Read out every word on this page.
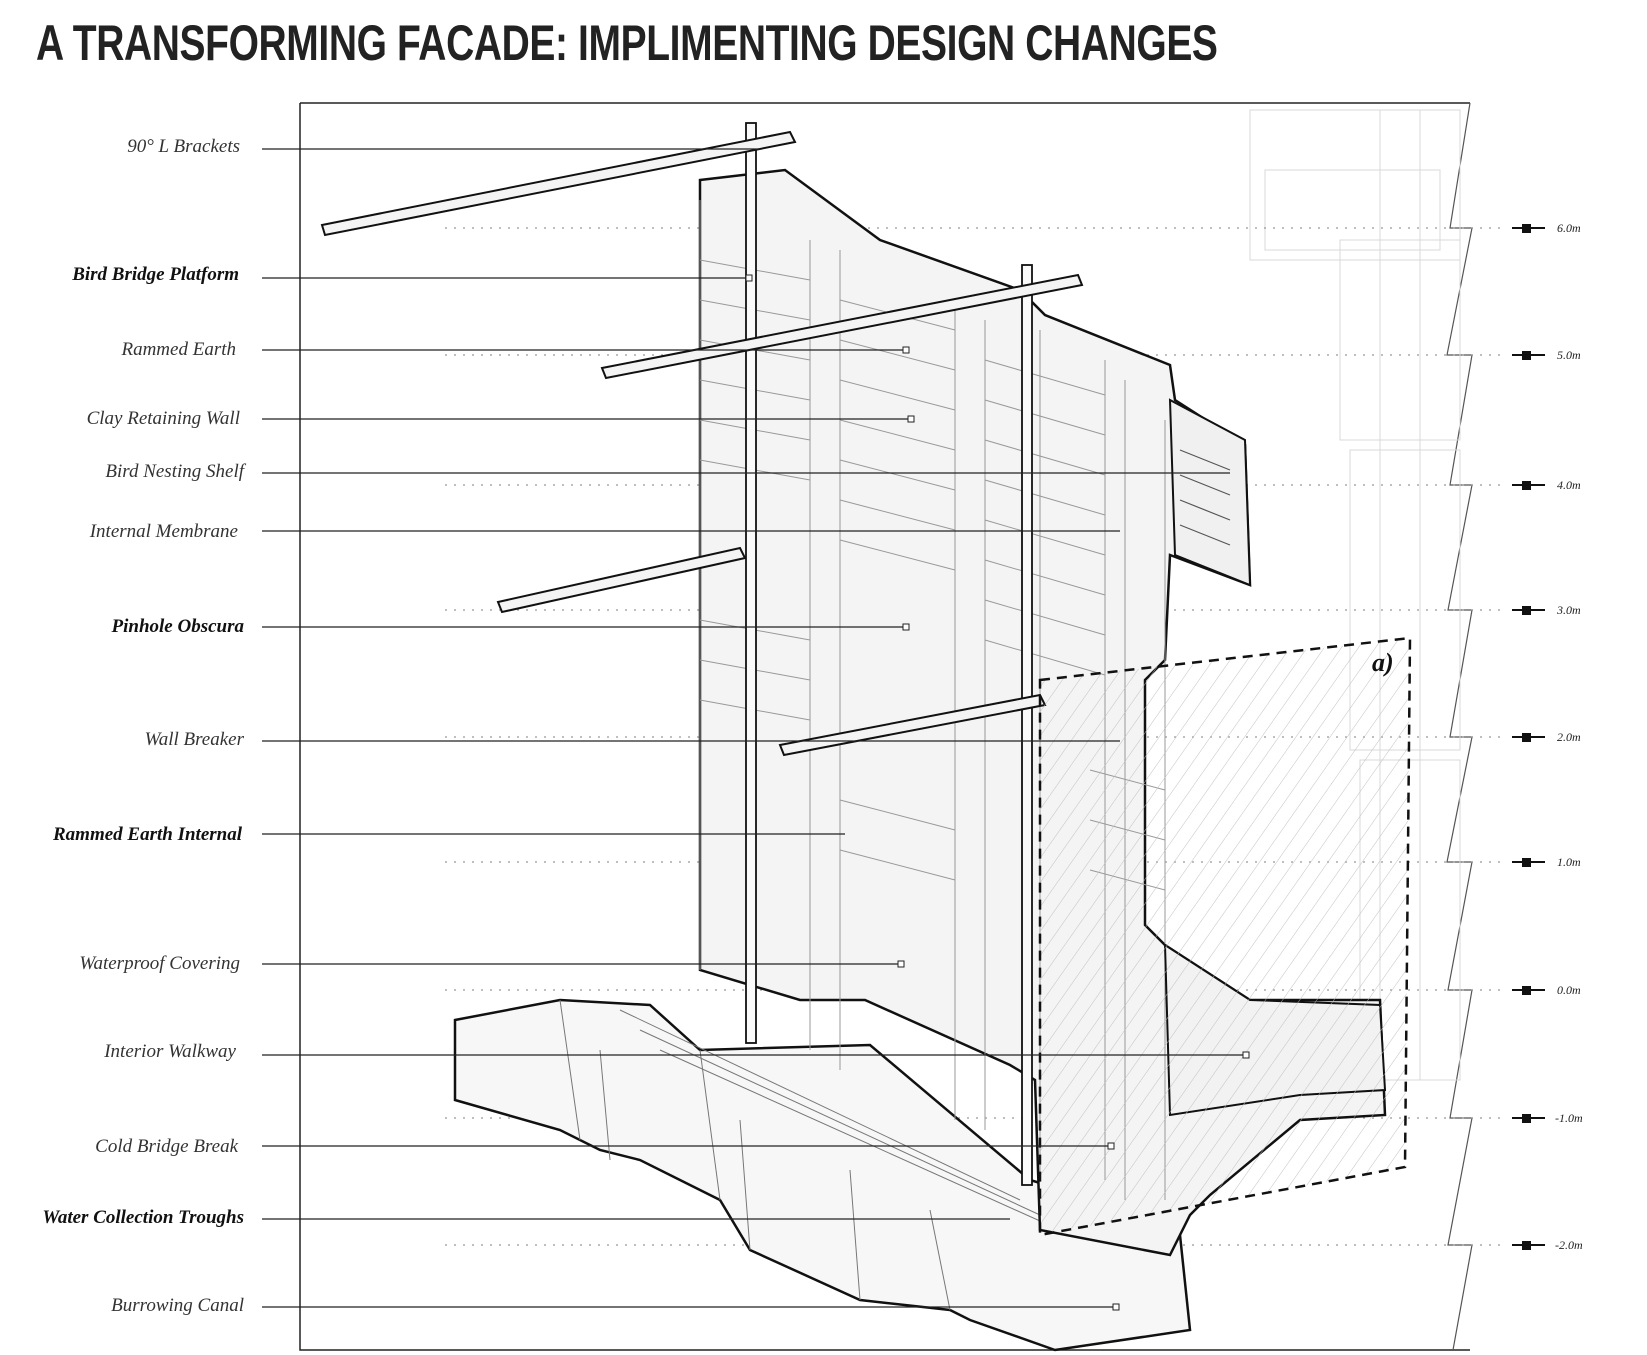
A TRANSFORMING FACADE: IMPLIMENTING DESIGN CHANGES
90° L Brackets
Bird Bridge Platform
Rammed Earth
Clay Retaining Wall
Bird Nesting Shelf
Internal Membrane
Pinhole Obscura
Wall Breaker
Rammed Earth Internal
Waterproof Covering
Interior Walkway
Cold Bridge Break
Water Collection Troughs
Burrowing Canal
6.0m
5.0m
4.0m
3.0m
2.0m
1.0m
0.0m
-1.0m
-2.0m
a)
